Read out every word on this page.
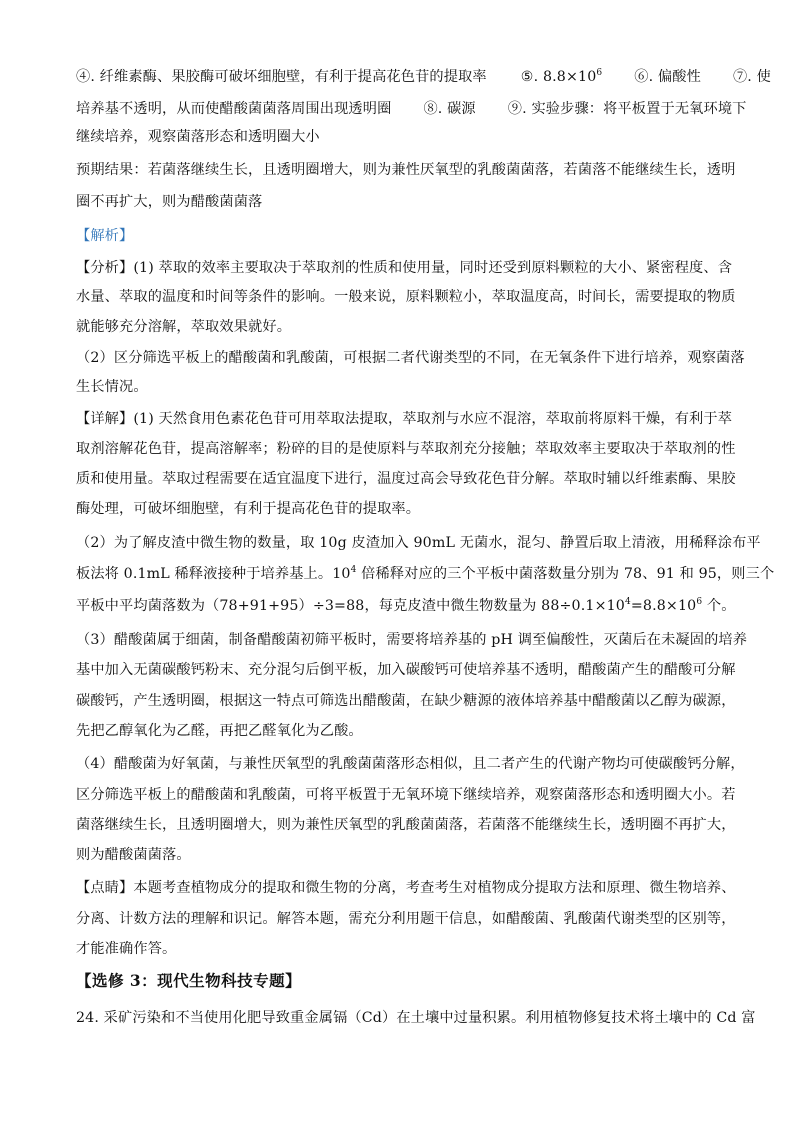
④. 纤维素酶、果胶酶可破坏细胞壁，有利于提高花色苷的提取率 ⑤. $8.8\times 10^6$ ⑥. 偏酸性 ⑦. 使
培养基不透明，从而使醋酸菌菌落周围出现透明圈 ⑧. 碳源 ⑨. 实验步骤：将平板置于无氧环境下
继续培养，观察菌落形态和透明圈大小
预期结果：若菌落继续生长，且透明圈增大，则为兼性厌氧型的乳酸菌菌落，若菌落不能继续生长，透明
圈不再扩大，则为醋酸菌菌落
【解析】
【分析】(1) 萃取的效率主要取决于萃取剂的性质和使用量，同时还受到原料颗粒的大小、紧密程度、含
水量、萃取的温度和时间等条件的影响。一般来说，原料颗粒小，萃取温度高，时间长，需要提取的物质
就能够充分溶解，萃取效果就好。
（2）区分筛选平板上的醋酸菌和乳酸菌，可根据二者代谢类型的不同，在无氧条件下进行培养，观察菌落
生长情况。
【详解】(1) 天然食用色素花色苷可用萃取法提取，萃取剂与水应不混溶，萃取前将原料干燥，有利于萃
取剂溶解花色苷，提高溶解率；粉碎的目的是使原料与萃取剂充分接触；萃取效率主要取决于萃取剂的性
质和使用量。萃取过程需要在适宜温度下进行，温度过高会导致花色苷分解。萃取时辅以纤维素酶、果胶
酶处理，可破坏细胞壁，有利于提高花色苷的提取率。
（2）为了解皮渣中微生物的数量，取 10g 皮渣加入 90mL 无菌水，混匀、静置后取上清液，用稀释涂布平
板法将 0.1mL 稀释液接种于培养基上。$10^4$ 倍稀释对应的三个平板中菌落数量分别为 78、91 和 95，则三个
平板中平均菌落数为（78+91+95）÷3=88，每克皮渣中微生物数量为 $88\div 0.1\times 10^4=8.8\times 10^6$ 个。
（3）醋酸菌属于细菌，制备醋酸菌初筛平板时，需要将培养基的 pH 调至偏酸性，灭菌后在未凝固的培养
基中加入无菌碳酸钙粉末、充分混匀后倒平板，加入碳酸钙可使培养基不透明，醋酸菌产生的醋酸可分解
碳酸钙，产生透明圈，根据这一特点可筛选出醋酸菌，在缺少糖源的液体培养基中醋酸菌以乙醇为碳源，
先把乙醇氧化为乙醛，再把乙醛氧化为乙酸。
（4）醋酸菌为好氧菌，与兼性厌氧型的乳酸菌菌落形态相似，且二者产生的代谢产物均可使碳酸钙分解，
区分筛选平板上的醋酸菌和乳酸菌，可将平板置于无氧环境下继续培养，观察菌落形态和透明圈大小。若
菌落继续生长，且透明圈增大，则为兼性厌氧型的乳酸菌菌落，若菌落不能继续生长，透明圈不再扩大，
则为醋酸菌菌落。
【点睛】本题考查植物成分的提取和微生物的分离，考查考生对植物成分提取方法和原理、微生物培养、
分离、计数方法的理解和识记。解答本题，需充分利用题干信息，如醋酸菌、乳酸菌代谢类型的区别等，
才能准确作答。
【选修 3：现代生物科技专题】
24. 采矿污染和不当使用化肥导致重金属镉（Cd）在土壤中过量积累。利用植物修复技术将土壤中的 Cd 富
